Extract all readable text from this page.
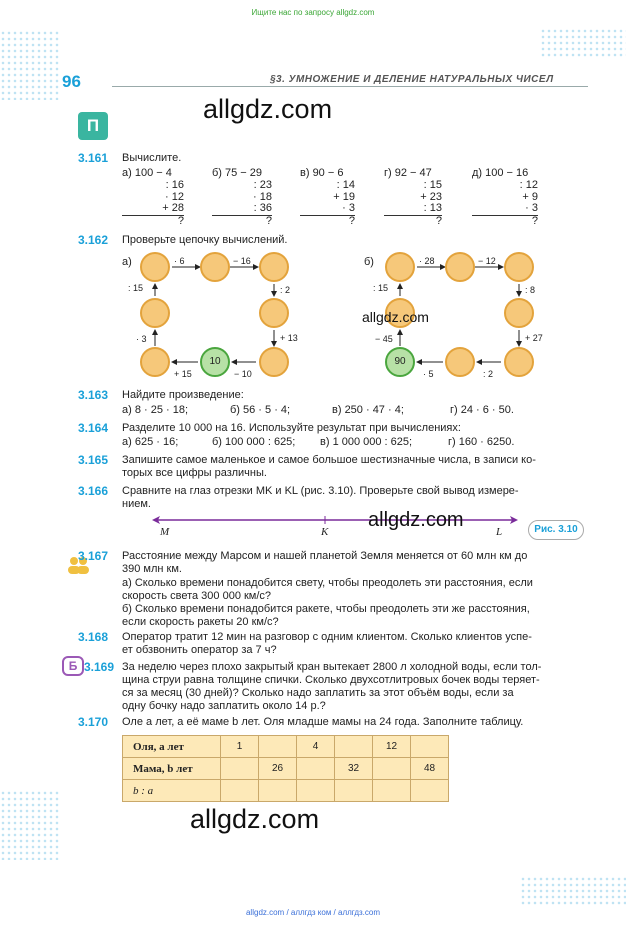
Ищите нас по запросу allgdz.com
96	§3. УМНОЖЕНИЕ И ДЕЛЕНИЕ НАТУРАЛЬНЫХ ЧИСЕЛ
allgdz.com
П
3.161 Вычислите.
а) 100 − 4
: 16
· 12
+ 28
?
б) 75 − 29
: 23
· 18
: 36
?
в) 90 − 6
: 14
+ 19
· 3
?
г) 92 − 47
: 15
+ 23
: 13
?
д) 100 − 16
: 12
+ 9
· 3
?
3.162 Проверьте цепочку вычислений.
10
· 6	− 16
: 2
+ 13
− 10
+ 15
· 3
: 15
а)
90
· 28	− 12
: 8
+ 27
: 2
· 5
− 45
: 15
б)
allgdz.com
3.163 Найдите произведение:
а) 8 · 25 · 18;	б) 56 · 5 · 4;	в) 250 · 47 · 4;	г) 24 · 6 · 50.
3.164 Разделите 10 000 на 16. Используйте результат при вычислениях:
а) 625 · 16;	б) 100 000 : 625; в) 1 000 000 : 625;	г) 160 · 6250.
3.165 Запишите самое маленькое и самое большое шестизначные числа, в записи ко-
торых все цифры различны.
3.166 Сравните на глаз отрезки MK и KL (рис. 3.10). Проверьте свой вывод измере-
нием.
M	K	L
allgdz.com	Рис. 3.10
3.167 Расстояние между Марсом и нашей планетой Земля меняется от 60 млн км до
390 млн км.
а) Сколько времени понадобится свету, чтобы преодолеть эти расстояния, если
скорость света 300 000 км/с?
б) Сколько времени понадобится ракете, чтобы преодолеть эти же расстояния,
если скорость ракеты 20 км/с?
3.168 Оператор тратит 12 мин на разговор с одним клиентом. Сколько клиентов успе-
ет обзвонить оператор за 7 ч?
Б 3.169 За неделю через плохо закрытый кран вытекает 2800 л холодной воды, если тол-
щина струи равна толщине спички. Сколько двухсотлитровых бочек воды теряет-
ся за месяц (30 дней)? Сколько надо заплатить за этот объём воды, если за
одну бочку надо заплатить около 14 р.?
3.170 Оле a лет, а её маме b лет. Оля младше мамы на 24 года. Заполните таблицу.
Оля, a лет	1		4		12	
Мама, b лет		26		32		48
b : a						
allgdz.com
allgdz.com / аллгдз ком / аллгдз.com
